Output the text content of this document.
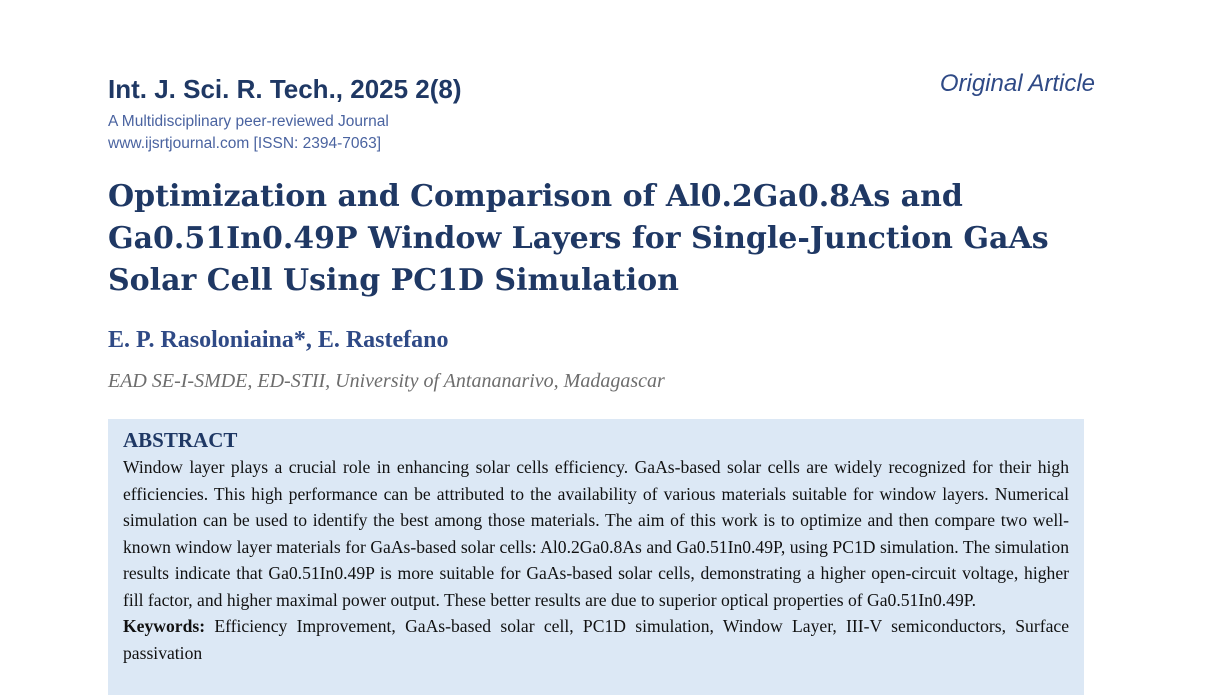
Int. J. Sci. R. Tech., 2025 2(8)	Original Article
A Multidisciplinary peer-reviewed Journal
www.ijsrtjournal.com [ISSN: 2394-7063]
Optimization and Comparison of Al0.2Ga0.8As and Ga0.51In0.49P Window Layers for Single-Junction GaAs Solar Cell Using PC1D Simulation
E. P. Rasoloniaina*, E. Rastefano
EAD SE-I-SMDE, ED-STII, University of Antananarivo, Madagascar
ABSTRACT

Window layer plays a crucial role in enhancing solar cells efficiency. GaAs-based solar cells are widely recognized for their high efficiencies. This high performance can be attributed to the availability of various materials suitable for window layers. Numerical simulation can be used to identify the best among those materials. The aim of this work is to optimize and then compare two well-known window layer materials for GaAs-based solar cells: Al0.2Ga0.8As and Ga0.51In0.49P, using PC1D simulation. The simulation results indicate that Ga0.51In0.49P is more suitable for GaAs-based solar cells, demonstrating a higher open-circuit voltage, higher fill factor, and higher maximal power output. These better results are due to superior optical properties of Ga0.51In0.49P.

Keywords: Efficiency Improvement, GaAs-based solar cell, PC1D simulation, Window Layer, III-V semiconductors, Surface passivation
